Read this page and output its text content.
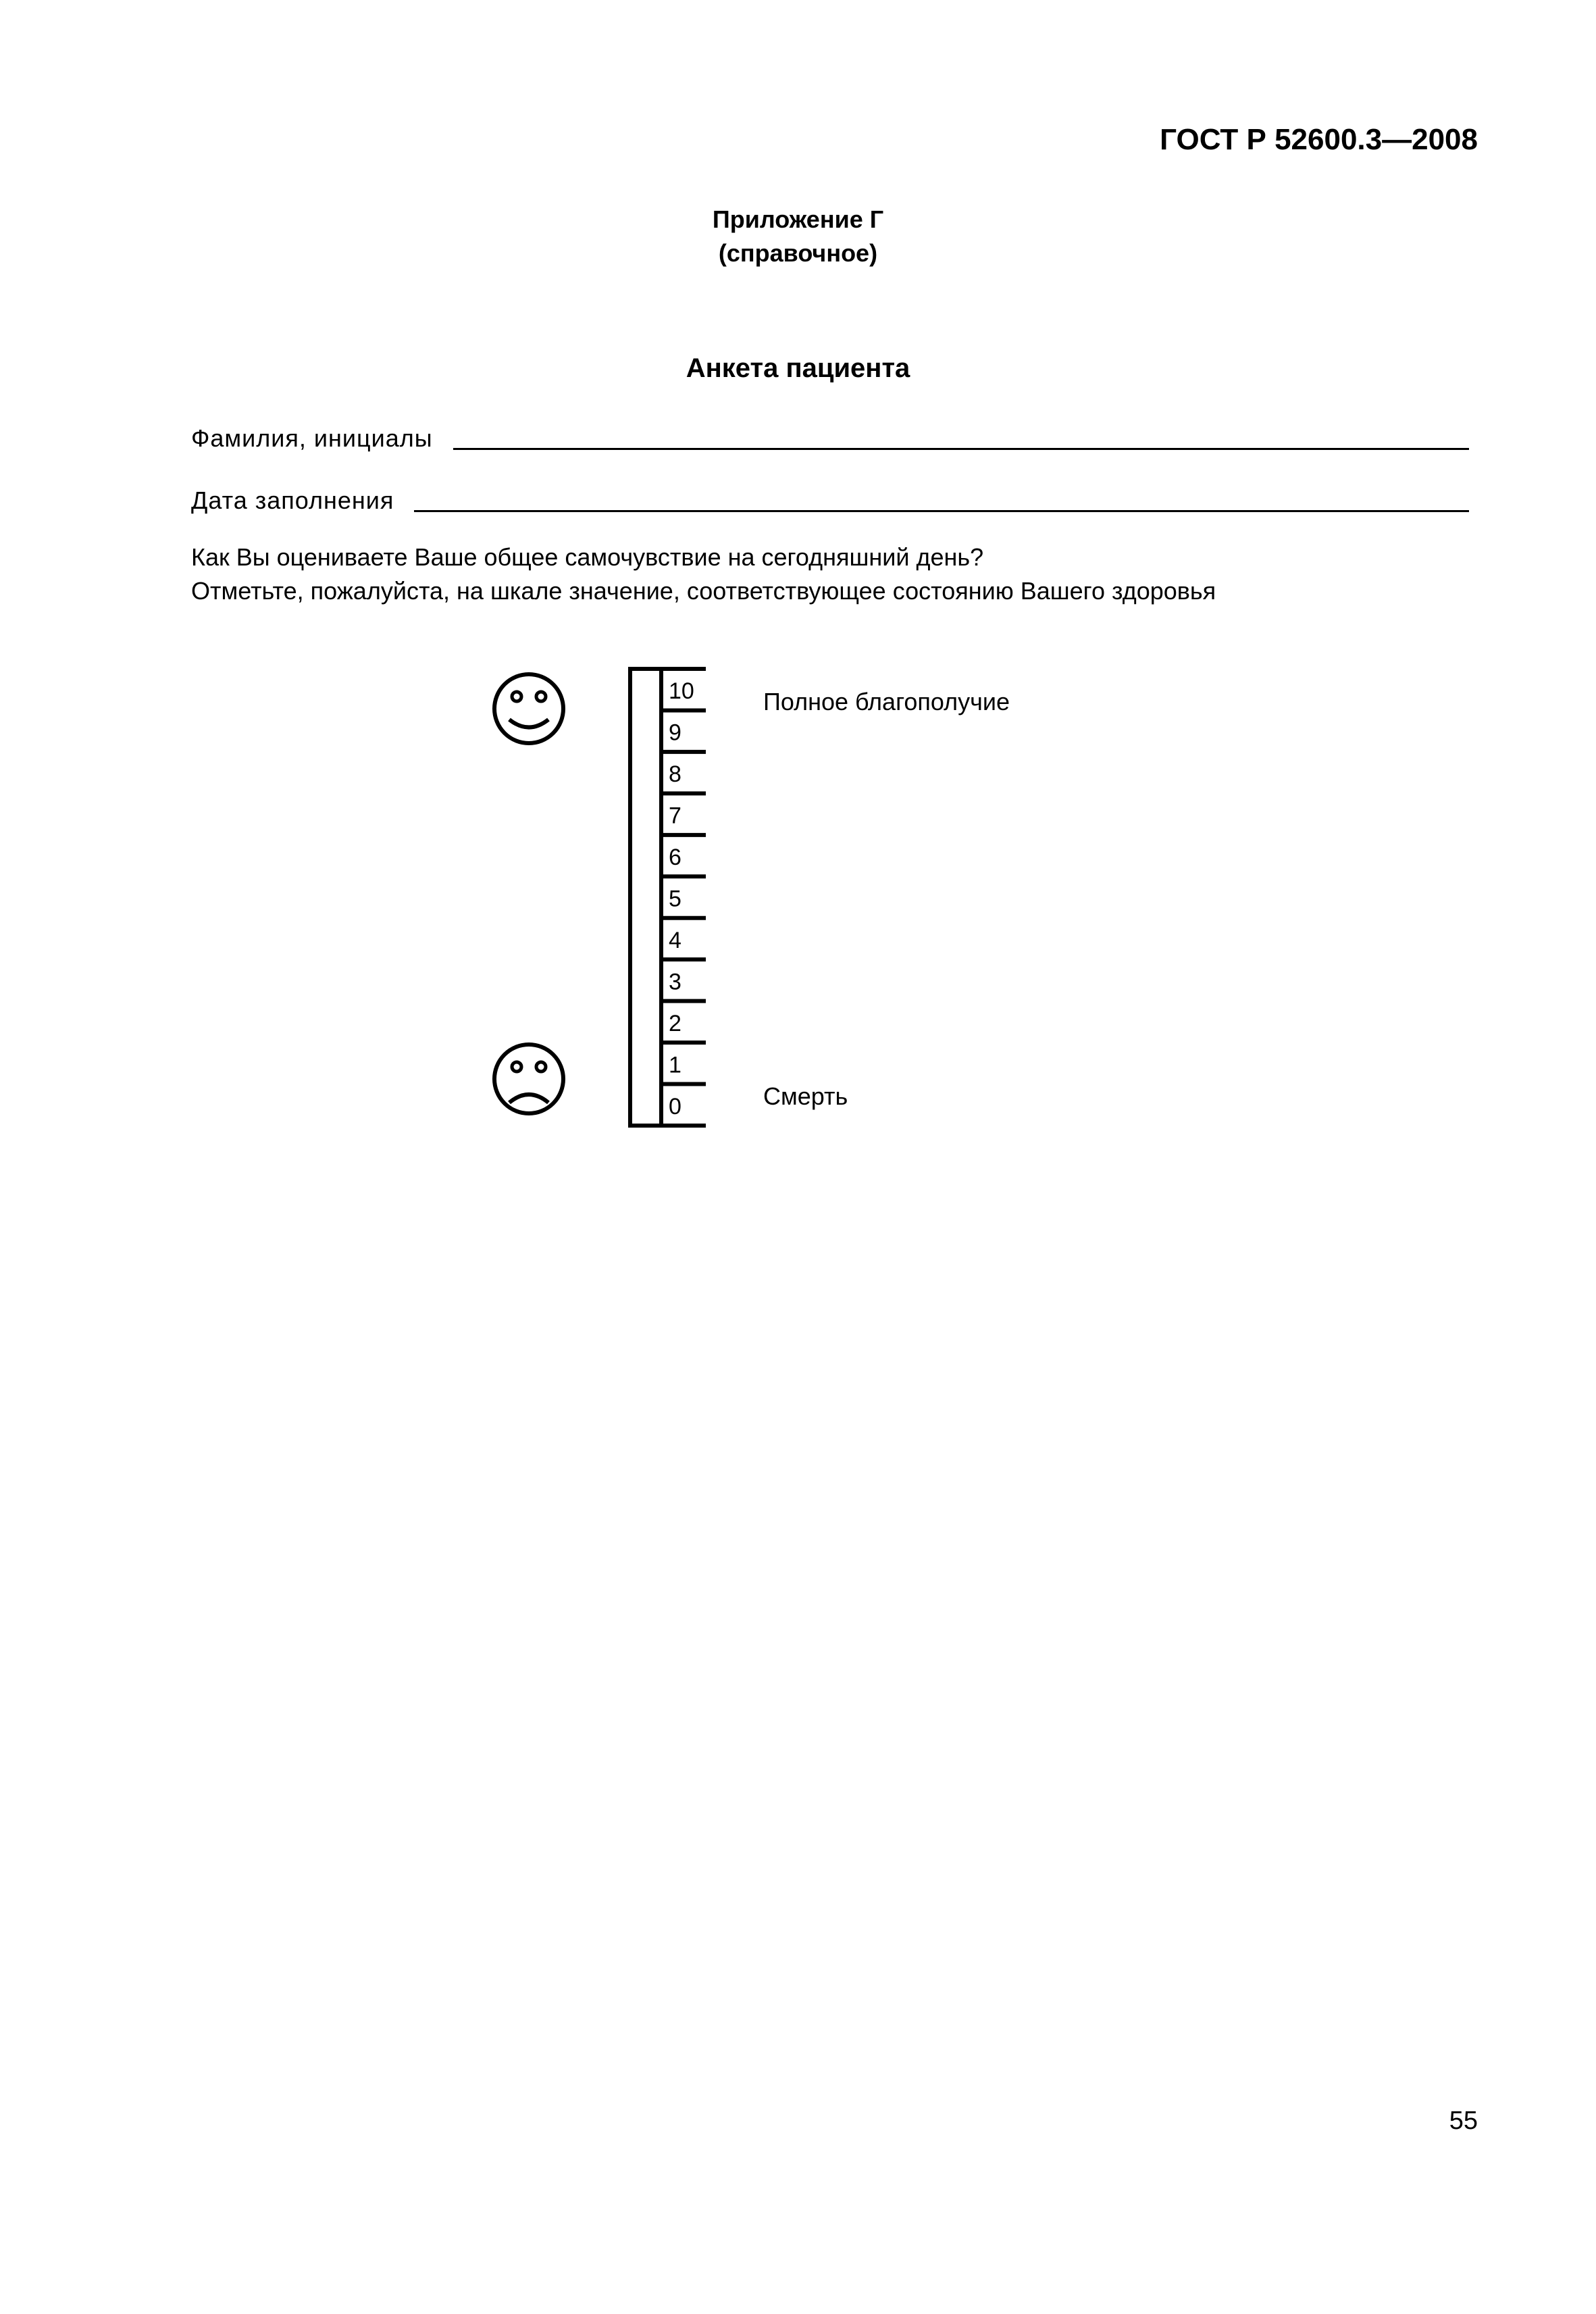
ГОСТ Р 52600.3—2008
Приложение Г
(справочное)
Анкета пациента
Фамилия, инициалы
Дата заполнения
Как Вы оцениваете Ваше общее самочувствие на сегодняшний день?
Отметьте, пожалуйста, на шкале значение, соответствующее состоянию Вашего здоровья
10
9
8
7
6
5
4
3
2
1
0
Полное благополучие
Смерть
55
